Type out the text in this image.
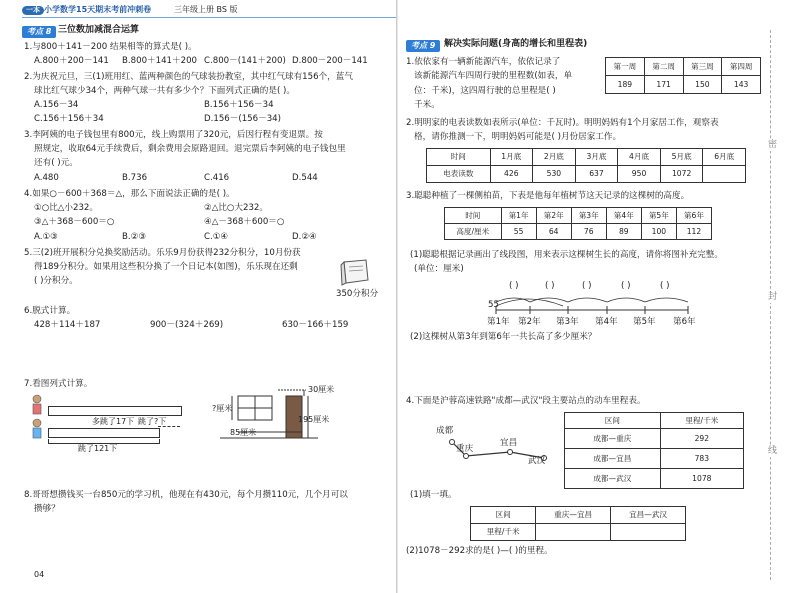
一本 小学数学15天期末考前冲刺卷	三年级上册 BS 版
考点 8 三位数加减混合运算
1.与800＋141－200 结果相等的算式是( )。
A.800＋200－141 B.800＋141＋200 C.800－(141＋200) D.800－200－141
2.为庆祝元旦，三(1)班用红、蓝两种颜色的气球装扮教室，其中红气球有156个，蓝气
球比红气球少34个，两种气球一共有多少个？下面列式正确的是( )。
A.156－34	B.156＋156－34
C.156＋156＋34	D.156－(156－34)
3.李阿姨的电子钱包里有800元，线上购票用了320元，后因行程有变退票。按
照规定，收取64元手续费后，剩余费用会原路退回。退完票后李阿姨的电子钱包里
还有( )元。
A.480	B.736	C.416	D.544
4.如果○－600＋368＝△，那么下面说法正确的是( )。
①○比△小232。	②△比○大232。
③△＋368－600＝○	④△－368＋600＝○
A.①③	B.②③	C.①④	D.②④
5.三(2)班开展积分兑换奖励活动。乐乐9月份获得232分积分，10月份获
得189分积分。如果用这些积分换了一个日记本(如图)，乐乐现在还剩
( )分积分。
350分积分
6.脱式计算。
428＋114＋187	900－(324＋269)	630－166＋159
7.看图列式计算。
多跳了17下 跳了?下
跳了121下
30厘米
?厘米
195厘米
85厘米
8.哥哥想攒钱买一台850元的学习机，他现在有430元，每个月攒110元，几个月可以
攒够？
04
考点 9 解决实际问题(身高的增长和里程表)
1.依依家有一辆新能源汽车，依依记录了
该新能源汽车四周行驶的里程数(如表，单
位：千米)，这四周行驶的总里程是( )
千米。
第一周	第二周	第三周	第四周
189	171	150	143
2.明明家的电表读数如表所示(单位：千瓦时)。明明妈妈有1个月家居工作，观察表
格，请你推测一下，明明妈妈可能是( )月份居家工作。
时间	1月底	2月底	3月底	4月底	5月底	6月底
电表读数	426	530	637	950	1072	
3.聪聪种植了一棵侧柏苗，下表是他每年植树节这天记录的这棵树的高度。
时间	第1年	第2年	第3年	第4年	第5年	第6年
高度/厘米	55	64	76	89	100	112
(1)聪聪根据记录画出了线段图，用来表示这棵树生长的高度，请你将图补充完整。
(单位：厘米)
( )	( )	( )	( )	( )
55
第1年 第2年 第3年 第4年 第5年 第6年
(2)这棵树从第3年到第6年一共长高了多少厘米？
4.下面是沪蓉高速铁路"成都—武汉"段主要站点的动车里程表。
成都
重庆
宜昌
武汉
区间	里程/千米
成都—重庆	292
成都—宜昌	783
成都—武汉	1078
(1)填一填。
区间	重庆—宜昌	宜昌—武汉
里程/千米		
(2)1078－292求的是( )—( )的里程。
密
封
线
